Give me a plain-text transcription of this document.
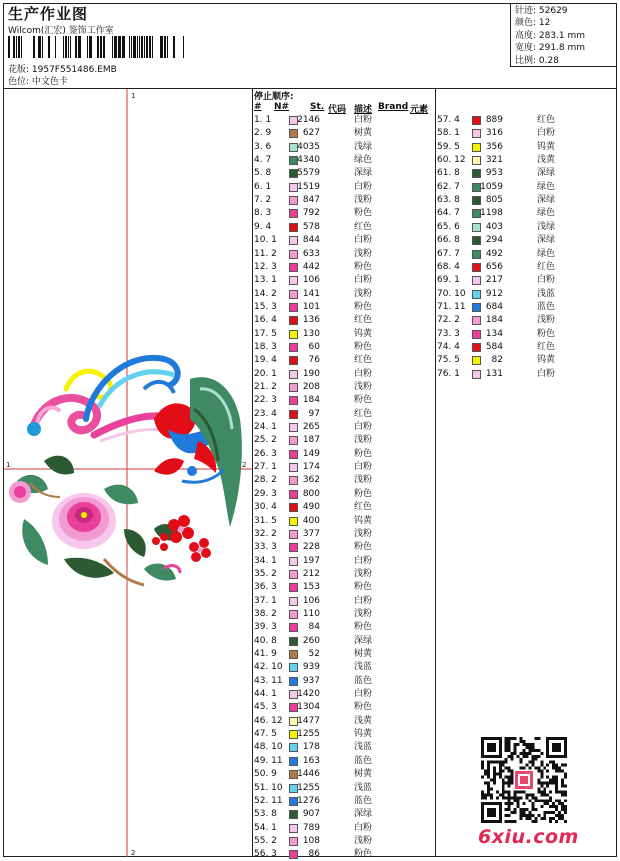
生产作业图
Wilcom(汇宏) 鉴饰工作室
花版: 1957F551486.EMB
色位: 中文色卡
针迹: 52629
颜色: 12
高度: 283.1 mm
宽度: 291.8 mm
比例: 0.28
1
2
1	2
停止顺序:
# N# St. 代码 描述 Brand 元素
1. 1	2146	白粉
2. 9	627	树黄
3. 6	4035	浅绿
4. 7	4340	绿色
5. 8	5579	深绿
6. 1	1519	白粉
7. 2	847	浅粉
8. 3	792	粉色
9. 4	578	红色
10. 1	844	白粉
11. 2	633	浅粉
12. 3	442	粉色
13. 1	106	白粉
14. 2	141	浅粉
15. 3	101	粉色
16. 4	136	红色
17. 5	130	钨黄
18. 3	60	粉色
19. 4	76	红色
20. 1	190	白粉
21. 2	208	浅粉
22. 3	184	粉色
23. 4	97	红色
24. 1	265	白粉
25. 2	187	浅粉
26. 3	149	粉色
27. 1	174	白粉
28. 2	362	浅粉
29. 3	800	粉色
30. 4	490	红色
31. 5	400	钨黄
32. 2	377	浅粉
33. 3	228	粉色
34. 1	197	白粉
35. 2	212	浅粉
36. 3	153	粉色
37. 1	106	白粉
38. 2	110	浅粉
39. 3	84	粉色
40. 8	260	深绿
41. 9	52	树黄
42. 10	939	浅蓝
43. 11	937	蓝色
44. 1	1420	白粉
45. 3	1304	粉色
46. 12	1477	浅黄
47. 5	1255	钨黄
48. 10	178	浅蓝
49. 11	163	蓝色
50. 9	1446	树黄
51. 10	1255	浅蓝
52. 11	1276	蓝色
53. 8	907	深绿
54. 1	789	白粉
55. 2	108	浅粉
56. 3	86	粉色
57. 4	889	红色
58. 1	316	白粉
59. 5	356	钨黄
60. 12	321	浅黄
61. 8	953	深绿
62. 7	1059	绿色
63. 8	805	深绿
64. 7	1198	绿色
65. 6	403	浅绿
66. 8	294	深绿
67. 7	492	绿色
68. 4	656	红色
69. 1	217	白粉
70. 10	912	浅蓝
71. 11	684	蓝色
72. 2	184	浅粉
73. 3	134	粉色
74. 4	584	红色
75. 5	82	钨黄
76. 1	131	白粉
6xiu.com
